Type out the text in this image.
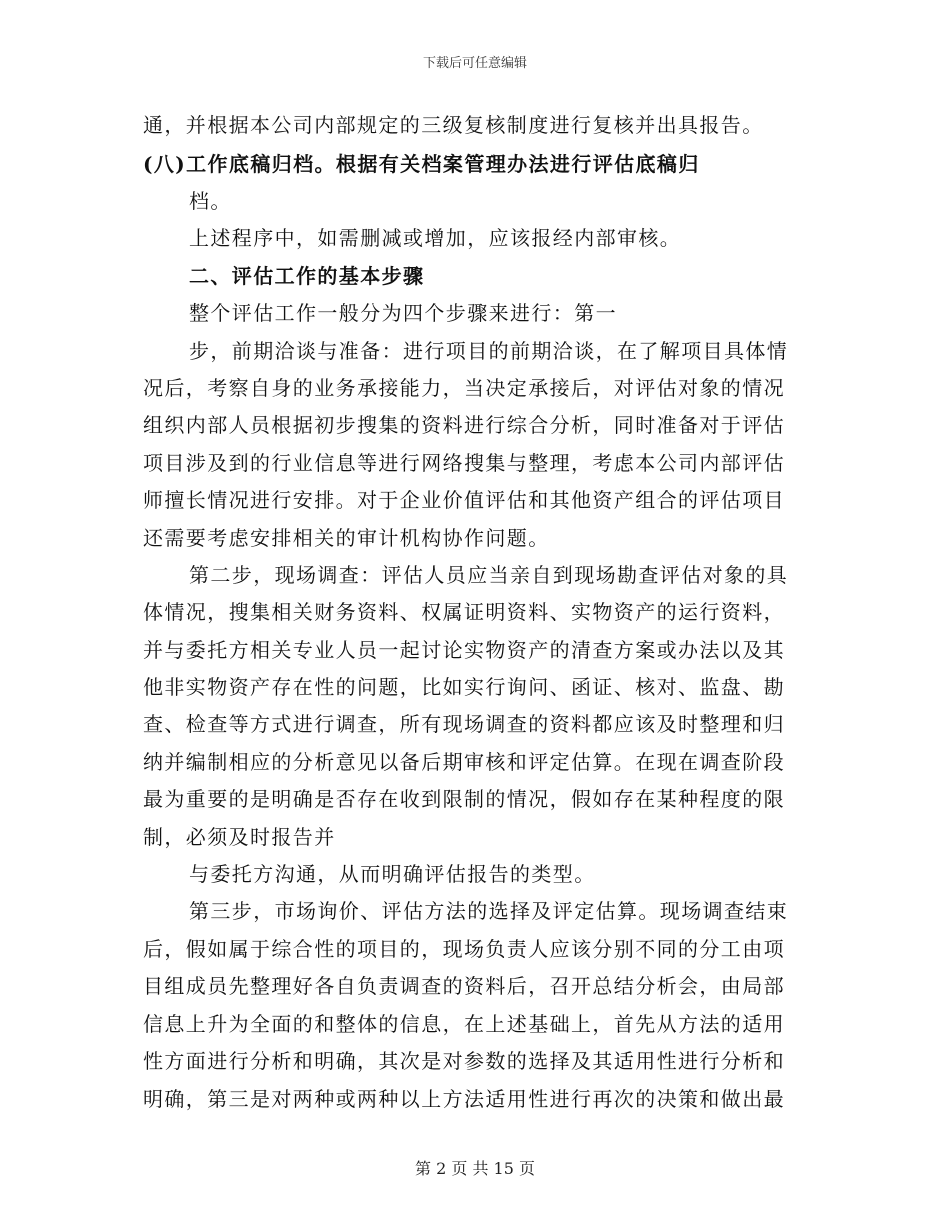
下载后可任意编辑
通，并根据本公司内部规定的三级复核制度进行复核并出具报告。
(八)工作底稿归档。根据有关档案管理办法进行评估底稿归
档。
上述程序中，如需删减或增加，应该报经内部审核。
二、评估工作的基本步骤
整个评估工作一般分为四个步骤来进行：第一
步，前期洽谈与准备：进行项目的前期洽谈，在了解项目具体情
况后，考察自身的业务承接能力，当决定承接后，对评估对象的情况
组织内部人员根据初步搜集的资料进行综合分析，同时准备对于评估
项目涉及到的行业信息等进行网络搜集与整理，考虑本公司内部评估
师擅长情况进行安排。对于企业价值评估和其他资产组合的评估项目
还需要考虑安排相关的审计机构协作问题。
第二步，现场调查：评估人员应当亲自到现场勘查评估对象的具
体情况，搜集相关财务资料、权属证明资料、实物资产的运行资料，
并与委托方相关专业人员一起讨论实物资产的清查方案或办法以及其
他非实物资产存在性的问题，比如实行询问、函证、核对、监盘、勘
查、检查等方式进行调查，所有现场调查的资料都应该及时整理和归
纳并编制相应的分析意见以备后期审核和评定估算。在现在调查阶段
最为重要的是明确是否存在收到限制的情况，假如存在某种程度的限
制，必须及时报告并
与委托方沟通，从而明确评估报告的类型。
第三步，市场询价、评估方法的选择及评定估算。现场调查结束
后，假如属于综合性的项目的，现场负责人应该分别不同的分工由项
目组成员先整理好各自负责调查的资料后，召开总结分析会，由局部
信息上升为全面的和整体的信息，在上述基础上，首先从方法的适用
性方面进行分析和明确，其次是对参数的选择及其适用性进行分析和
明确，第三是对两种或两种以上方法适用性进行再次的决策和做出最
第 2 页 共 15 页
